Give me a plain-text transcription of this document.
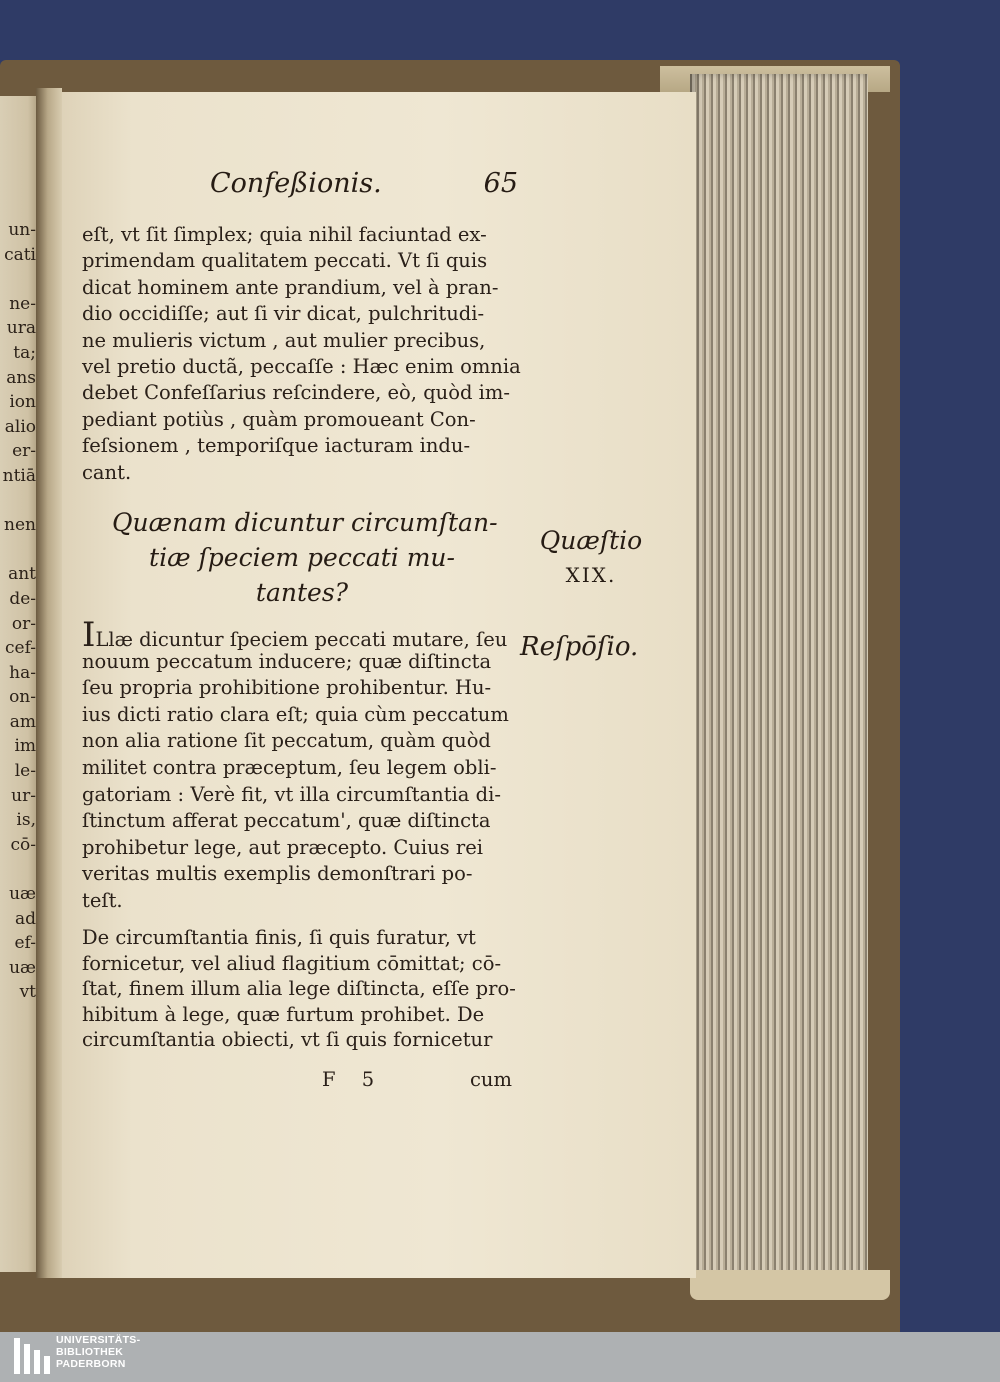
un-
cati

ne-
ura
ta;
ans
ion
alio
er-
ntiā

nen

ant
de-
or-
cef-
ha-
on-
am
im
le-
ur-
is,
cō-

uæ
ad
ef-
uæ
vt
Confeßionis.	65
eſt, vt ſit ſimplex; quia nihil faciuntad ex-
primendam qualitatem peccati. Vt ſi quis
dicat hominem ante prandium, vel à pran-
dio occidiſſe; aut ſi vir dicat, pulchritudi-
ne mulieris victum , aut mulier precibus,
vel pretio ductã, peccaſſe : Hæc enim omnia
debet Confeſſarius reſcindere, eò, quòd im-
pediant potiùs , quàm promoueant Con-
feſsionem , temporiſque iacturam indu-
cant.
Quænam dicuntur circumſtan-
tiæ ſpeciem peccati mu-
tantes?
Quæſtio
XIX.
Reſpōſio.
ILlæ dicuntur ſpeciem peccati mutare, ſeu
nouum peccatum inducere; quæ diſtincta
ſeu propria prohibitione prohibentur. Hu-
ius dicti ratio clara eſt; quia cùm peccatum
non alia ratione ſit peccatum, quàm quòd
militet contra præceptum, ſeu legem obli-
gatoriam : Verè fit, vt illa circumſtantia di-
ſtinctum afferat peccatum', quæ diſtincta
prohibetur lege, aut præcepto. Cuius rei
veritas multis exemplis demonſtrari po-
teſt.
De circumſtantia finis, ſi quis furatur, vt
fornicetur, vel aliud flagitium cōmittat; cō-
ſtat, finem illum alia lege diſtincta, eſſe pro-
hibitum à lege, quæ furtum prohibet. De
circumſtantia obiecti, vt ſi quis fornicetur
F 5	cum
UNIVERSITÄTS-
BIBLIOTHEK
PADERBORN
